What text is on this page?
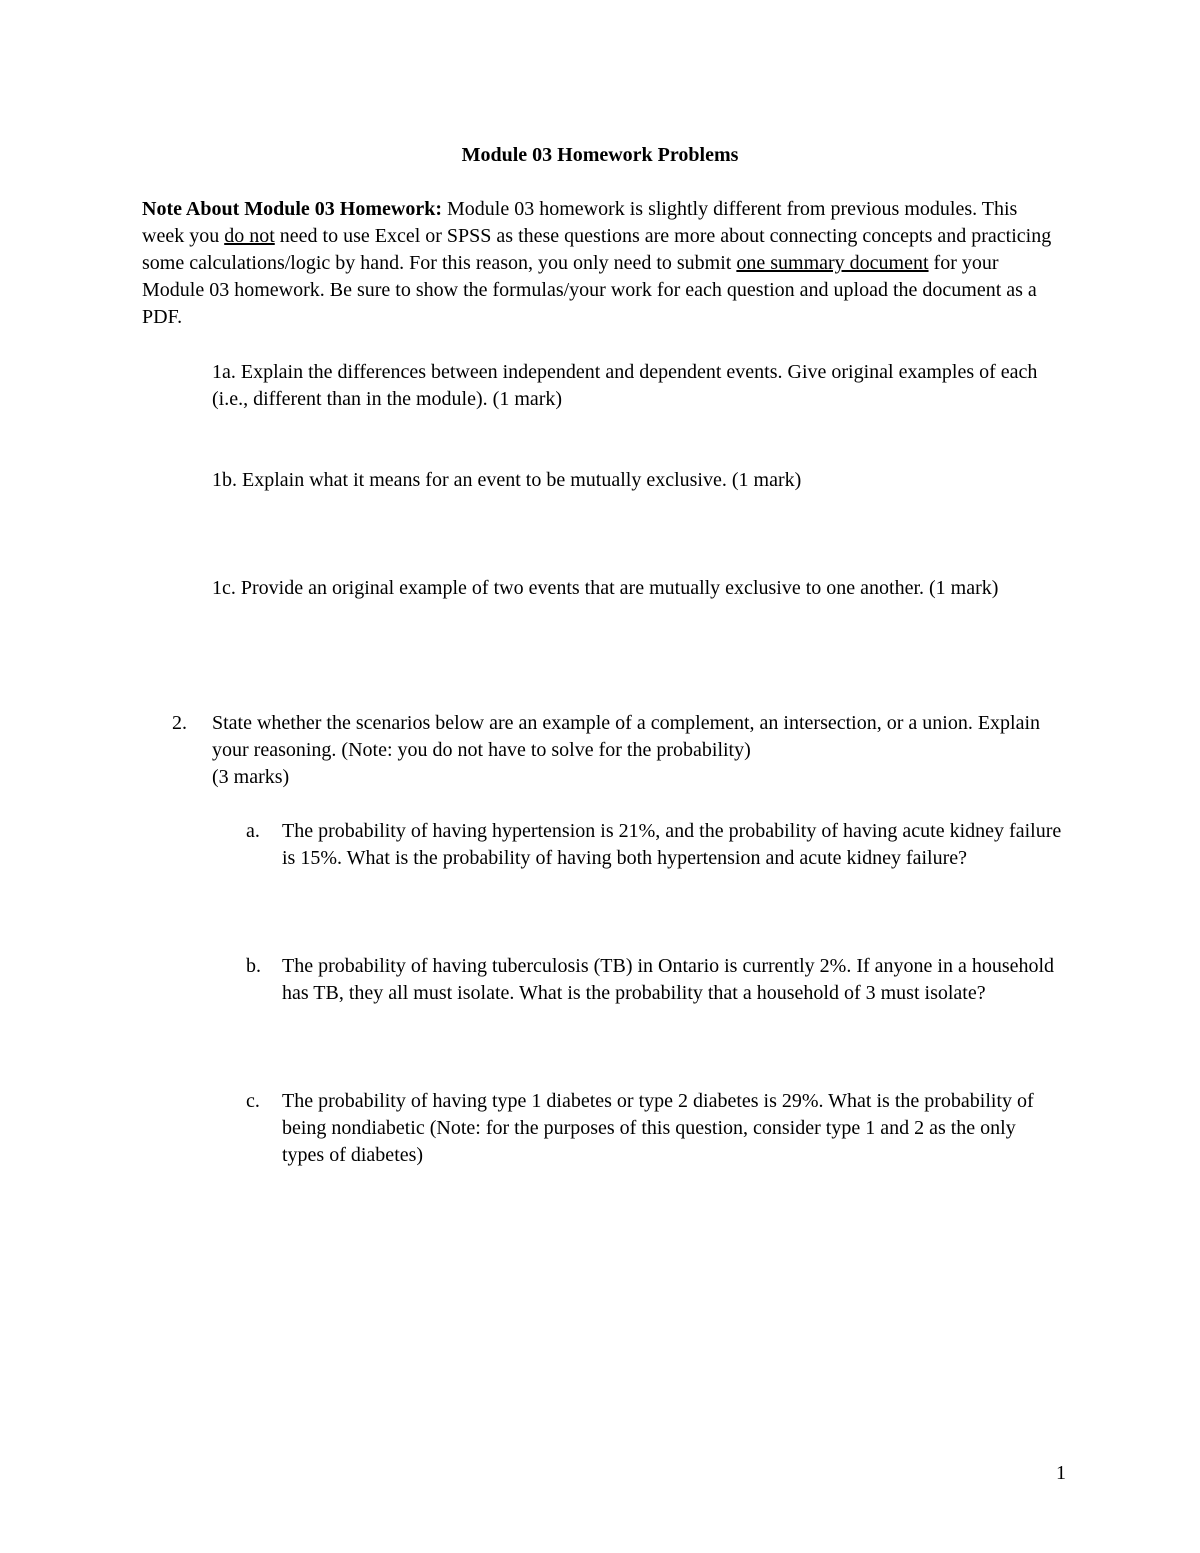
Module 03 Homework Problems
Note About Module 03 Homework: Module 03 homework is slightly different from previous modules. This week you do not need to use Excel or SPSS as these questions are more about connecting concepts and practicing some calculations/logic by hand. For this reason, you only need to submit one summary document for your Module 03 homework. Be sure to show the formulas/your work for each question and upload the document as a PDF.
1a. Explain the differences between independent and dependent events. Give original examples of each (i.e., different than in the module). (1 mark)
1b. Explain what it means for an event to be mutually exclusive. (1 mark)
1c. Provide an original example of two events that are mutually exclusive to one another. (1 mark)
2. State whether the scenarios below are an example of a complement, an intersection, or a union. Explain your reasoning. (Note: you do not have to solve for the probability)
(3 marks)
a. The probability of having hypertension is 21%, and the probability of having acute kidney failure is 15%. What is the probability of having both hypertension and acute kidney failure?
b. The probability of having tuberculosis (TB) in Ontario is currently 2%. If anyone in a household has TB, they all must isolate. What is the probability that a household of 3 must isolate?
c. The probability of having type 1 diabetes or type 2 diabetes is 29%. What is the probability of being nondiabetic (Note: for the purposes of this question, consider type 1 and 2 as the only types of diabetes)
1
